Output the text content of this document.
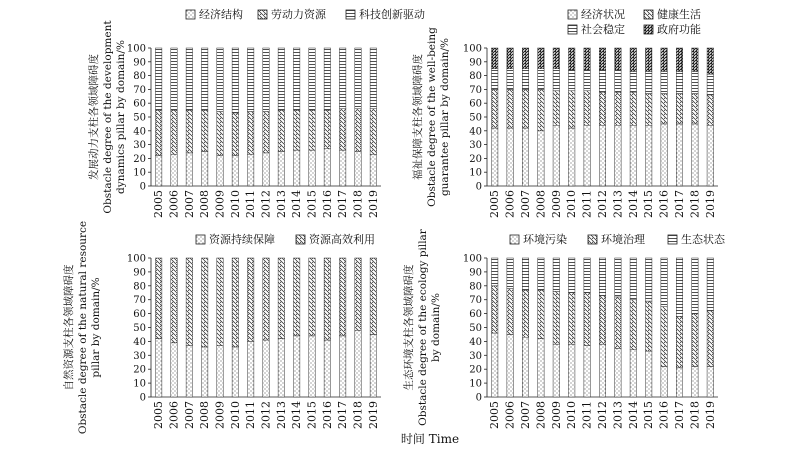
经济结构	劳动力资源	科技创新驱动
0
10
20
30
40
50
60
70
80
90
100
发展动力支柱各领域障碍度 Obstacle degree of the development dynamics pillar by domain/%
2005 2006 2007 2008 2009 2010 2011 2012 2013 2014 2015 2016 2017 2018 2019
经济状况	健康生活
社会稳定	政府功能
0
10
20
30
40
50
60
70
80
90
100
福祉保障支柱各领域障碍度 Obstacle degree of the well-being guarantee pillar by domain/%
2005 2006 2007 2008 2009 2010 2011 2012 2013 2014 2015 2016 2017 2018 2019
资源持续保障	资源高效利用
0
10
20
30
40
50
60
70
80
90
100
自然资源支柱各领域障碍度 Obstacle degree of the natural resource pillar by domain/%
2005 2006 2007 2008 2009 2010 2011 2012 2013 2014 2015 2016 2017 2018 2019
环境污染	环境治理	生态状态
0
10
20
30
40
50
60
70
80
90
100
生态环境支柱各领域障碍度 Obstacle degree of the ecology pillar by domain/%
2005 2006 2007 2008 2009 2010 2011 2012 2013 2014 2015 2016 2017 2018 2019
时间 Time
